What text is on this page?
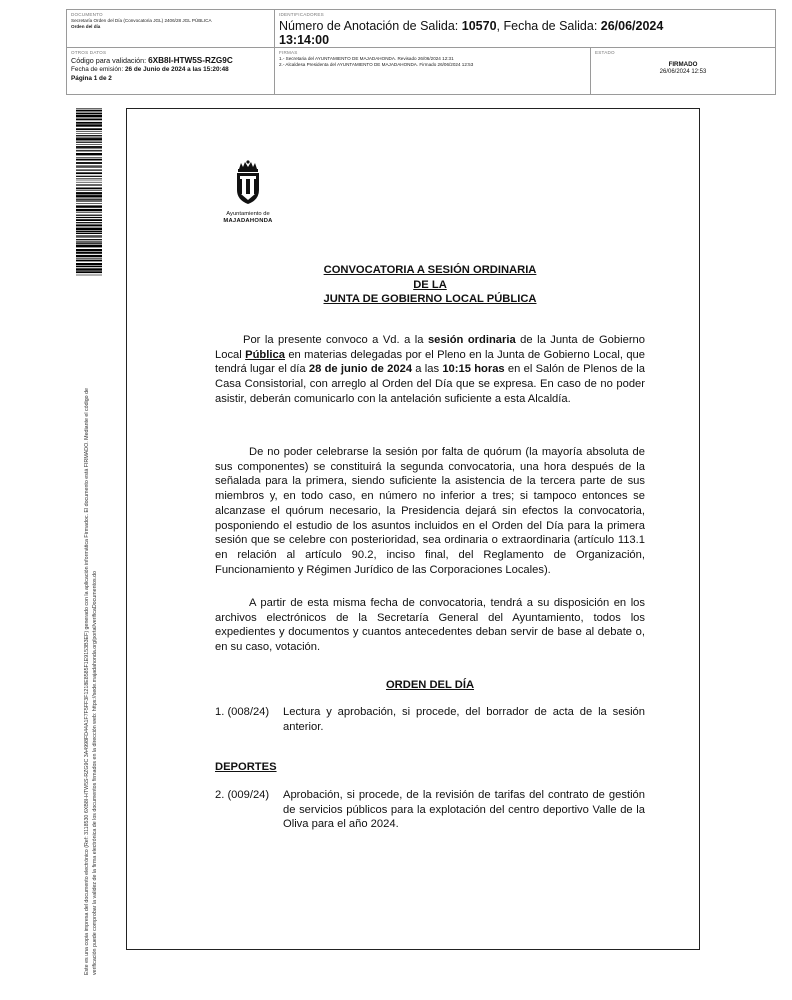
DOCUMENTO
Secretaría Orden del Día (Convocatoria JGL) 2406/28 JGL PÚBLICA
Orden del día
IDENTIFICADORES
Número de Anotación de Salida: 10570, Fecha de Salida: 26/06/2024
13:14:00
OTROS DATOS
Código para validación: 6XB8I-HTW5S-RZG9C
Fecha de emisión: 26 de Junio de 2024 a las 15:20:48
Página 1 de 2
FIRMAS
1.- Secretaria del AYUNTAMIENTO DE MAJADAHONDA. Revisado 26/06/2024 12:31
2.- Alcaldesa Presidenta del AYUNTAMIENTO DE MAJADAHONDA. Firmado 26/06/2024 12:53
ESTADO
FIRMADO
26/06/2024 12:53
Este es una copia impresa del documento electrónico (Ref: 3118530 6XB8I-HTW5S-RZG9C 3A4998FD44A1F7F5FF3F1218E8585F1E9153B3EF) generado con la aplicación informática Firmadoc. El documento está FIRMADO. Mediante el código de verificación puede comprobar la validez de la firma electrónica de los documentos firmados en la dirección web: https://sede.majadahonda.org/portal/verificaDocumentos.do
Ayuntamiento de
MAJADAHONDA
CONVOCATORIA A SESIÓN ORDINARIA
DE LA
JUNTA DE GOBIERNO LOCAL PÚBLICA

Por la presente convoco a Vd. a la sesión ordinaria de la Junta de Gobierno Local Pública en materias delegadas por el Pleno en la Junta de Gobierno Local, que tendrá lugar el día 28 de junio de 2024 a las 10:15 horas en el Salón de Plenos de la Casa Consistorial, con arreglo al Orden del Día que se expresa. En caso de no poder asistir, deberán comunicarlo con la antelación suficiente a esta Alcaldía.

De no poder celebrarse la sesión por falta de quórum (la mayoría absoluta de sus componentes) se constituirá la segunda convocatoria, una hora después de la señalada para la primera, siendo suficiente la asistencia de la tercera parte de sus miembros y, en todo caso, en número no inferior a tres; si tampoco entonces se alcanzase el quórum necesario, la Presidencia dejará sin efectos la convocatoria, posponiendo el estudio de los asuntos incluidos en el Orden del Día para la primera sesión que se celebre con posterioridad, sea ordinaria o extraordinaria (artículo 113.1 en relación al artículo 90.2, inciso final, del Reglamento de Organización, Funcionamiento y Régimen Jurídico de las Corporaciones Locales).

A partir de esta misma fecha de convocatoria, tendrá a su disposición en los archivos electrónicos de la Secretaría General del Ayuntamiento, todos los expedientes y documentos y cuantos antecedentes deban servir de base al debate o, en su caso, votación.

ORDEN DEL DÍA
1. (008/24)	Lectura y aprobación, si procede, del borrador de acta de la sesión anterior.
DEPORTES
2. (009/24)	Aprobación, si procede, de la revisión de tarifas del contrato de gestión de servicios públicos para la explotación del centro deportivo Valle de la Oliva para el año 2024.
